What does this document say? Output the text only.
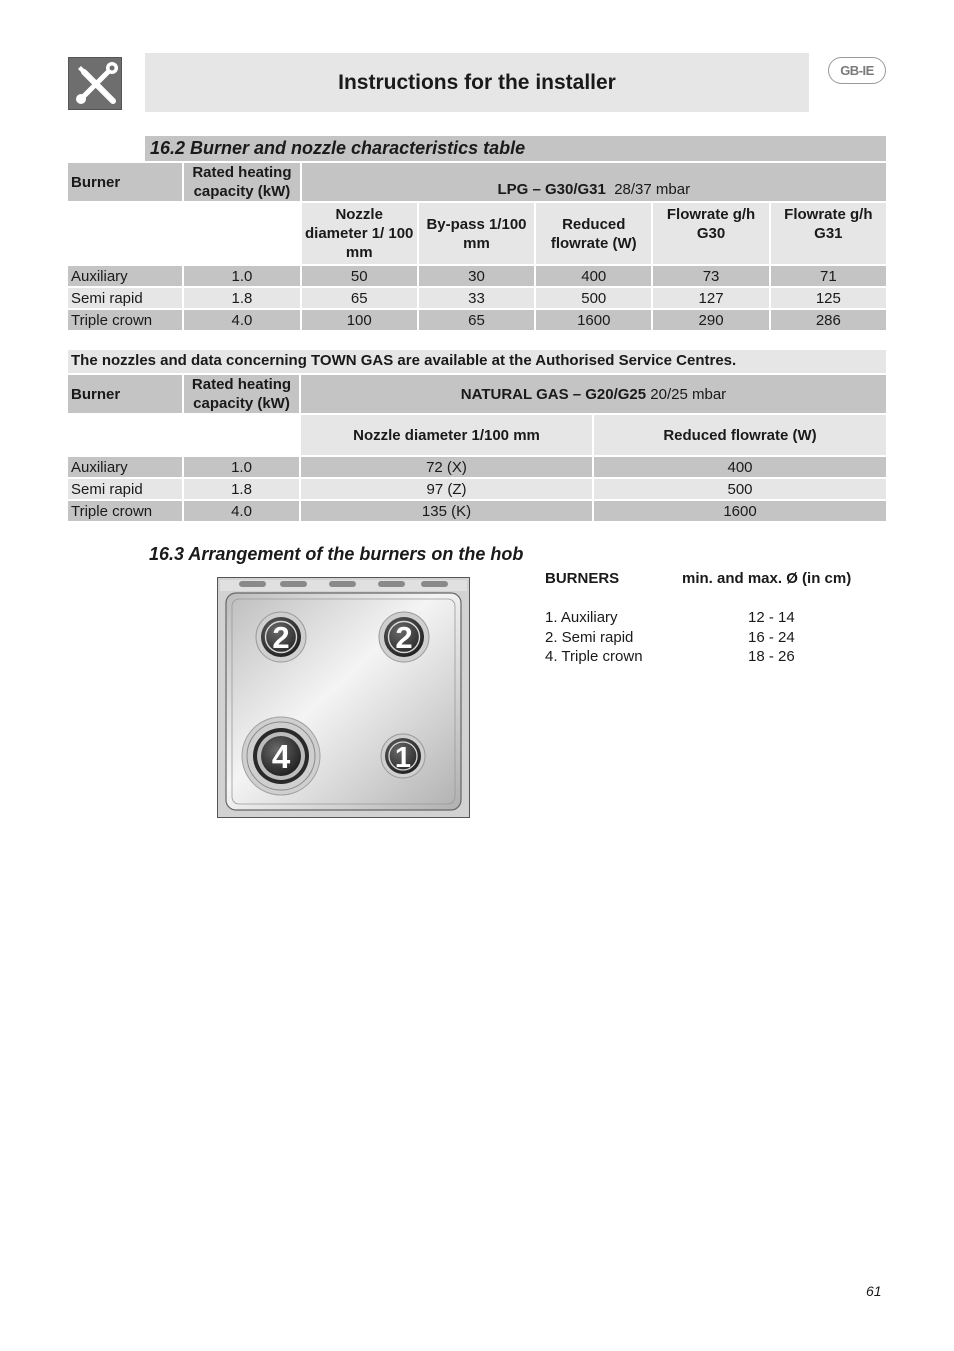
Instructions for the installer	GB-IE
16.2 Burner and nozzle characteristics table
Burner	Rated heating capacity (kW)	LPG – G30/G31 28/37 mbar				
		Nozzle diameter 1/ 100 mm	By-pass 1/100 mm	Reduced flowrate (W)	Flowrate g/h G30	Flowrate g/h G31
Auxiliary	1.0	50	30	400	73	71
Semi rapid	1.8	65	33	500	127	125
Triple crown	4.0	100	65	1600	290	286
The nozzles and data concerning TOWN GAS are available at the Authorised Service Centres.
Burner	Rated heating capacity (kW)	NATURAL GAS – G20/G25 20/25 mbar	
		Nozzle diameter 1/100 mm	Reduced flowrate (W)
Auxiliary	1.0	72 (X)	400
Semi rapid	1.8	97 (Z)	500
Triple crown	4.0	135 (K)	1600
16.3 Arrangement of the burners on the hob
2	2
4	1
BURNERS	min. and max. Ø (in cm)
1. Auxiliary	12 - 14
2. Semi rapid	16 - 24
4. Triple crown	18 - 26
61
